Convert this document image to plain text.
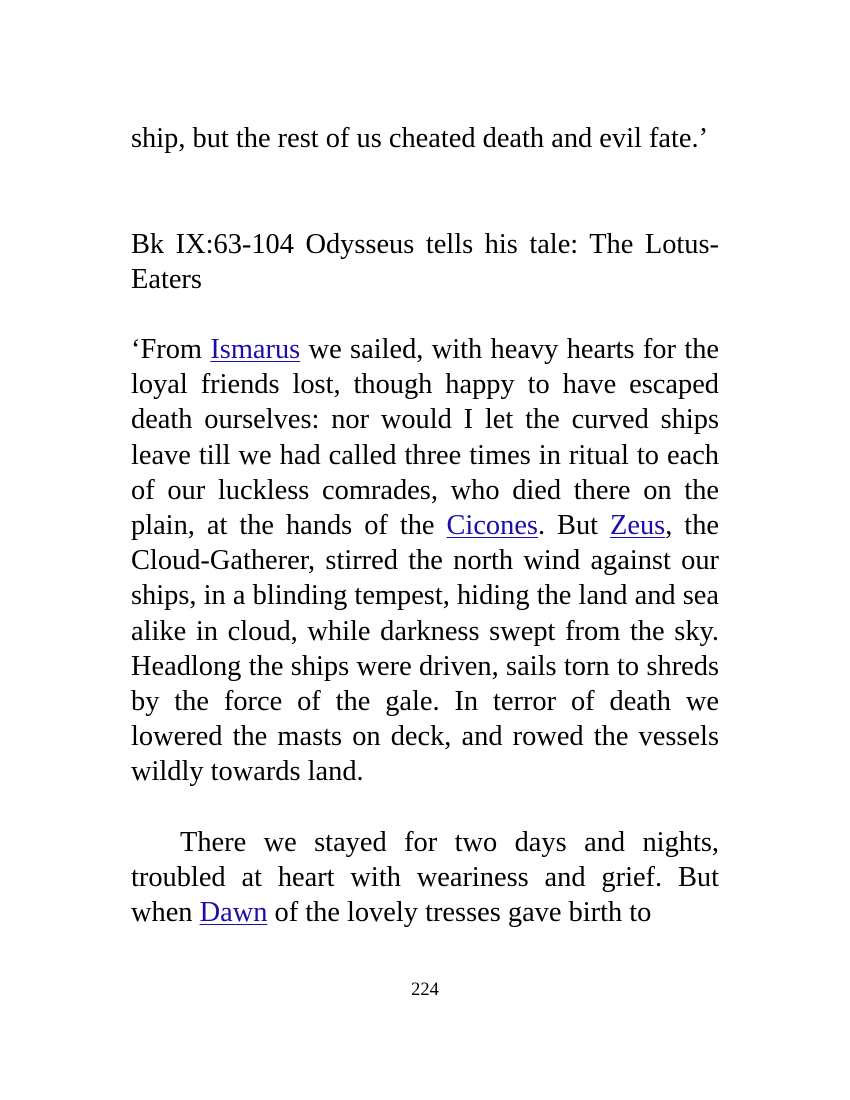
ship, but the rest of us cheated death and evil fate.’

Bk IX:63-104 Odysseus tells his tale: The Lotus-Eaters

‘From Ismarus we sailed, with heavy hearts for the loyal friends lost, though happy to have escaped death ourselves: nor would I let the curved ships leave till we had called three times in ritual to each of our luckless comrades, who died there on the plain, at the hands of the Cicones. But Zeus, the Cloud-Gatherer, stirred the north wind against our ships, in a blinding tempest, hiding the land and sea alike in cloud, while darkness swept from the sky. Headlong the ships were driven, sails torn to shreds by the force of the gale. In terror of death we lowered the masts on deck, and rowed the vessels wildly towards land.

There we stayed for two days and nights, troubled at heart with weariness and grief. But when Dawn of the lovely tresses gave birth to

224
